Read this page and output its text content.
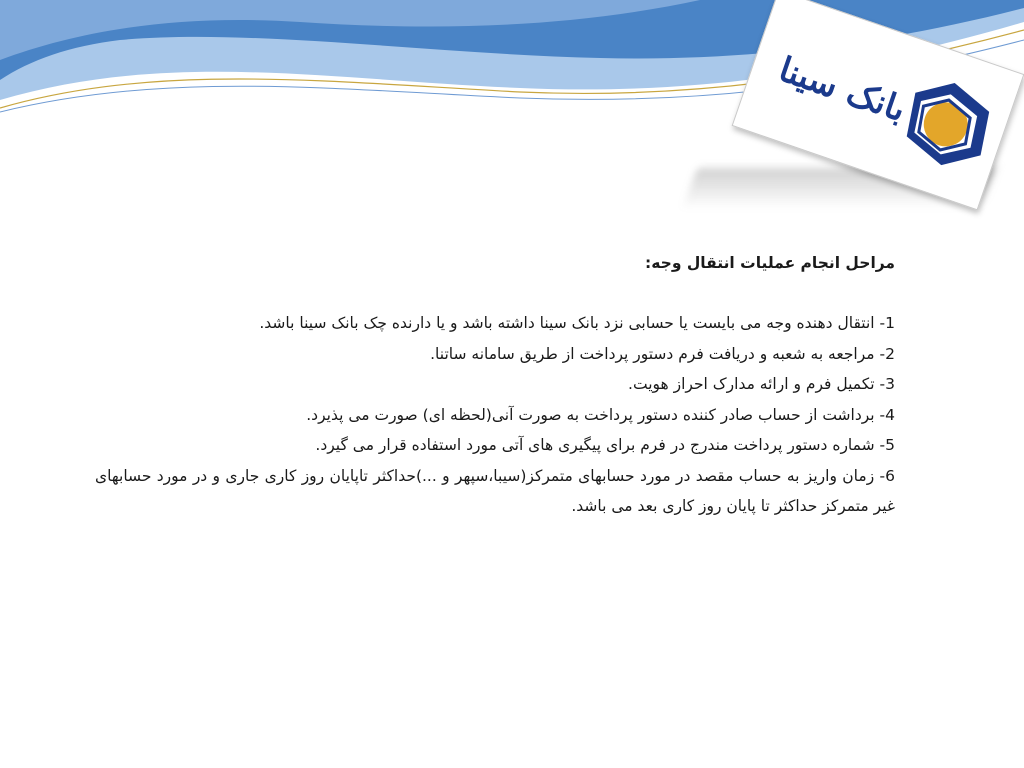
بانک سینا

مراحل انجام عملیات انتقال وجه:

1- انتقال دهنده وجه می بایست یا حسابی نزد بانک سینا داشته باشد و یا دارنده چک بانک سینا باشد.

2- مراجعه به شعبه و دریافت فرم دستور پرداخت از طریق سامانه ساتنا.

3- تکمیل فرم و ارائه مدارک احراز هویت.

4- برداشت از حساب صادر کننده دستور پرداخت به صورت آنی(لحظه ای) صورت می پذیرد.

5- شماره دستور پرداخت مندرج در فرم برای پیگیری های آتی مورد استفاده قرار می گیرد.

6- زمان واریز به حساب مقصد در مورد حسابهای متمرکز(سیبا،سپهر و ...)حداکثر تاپایان روز کاری جاری و در مورد حسابهای غیر متمرکز حداکثر تا پایان روز کاری بعد می باشد.
